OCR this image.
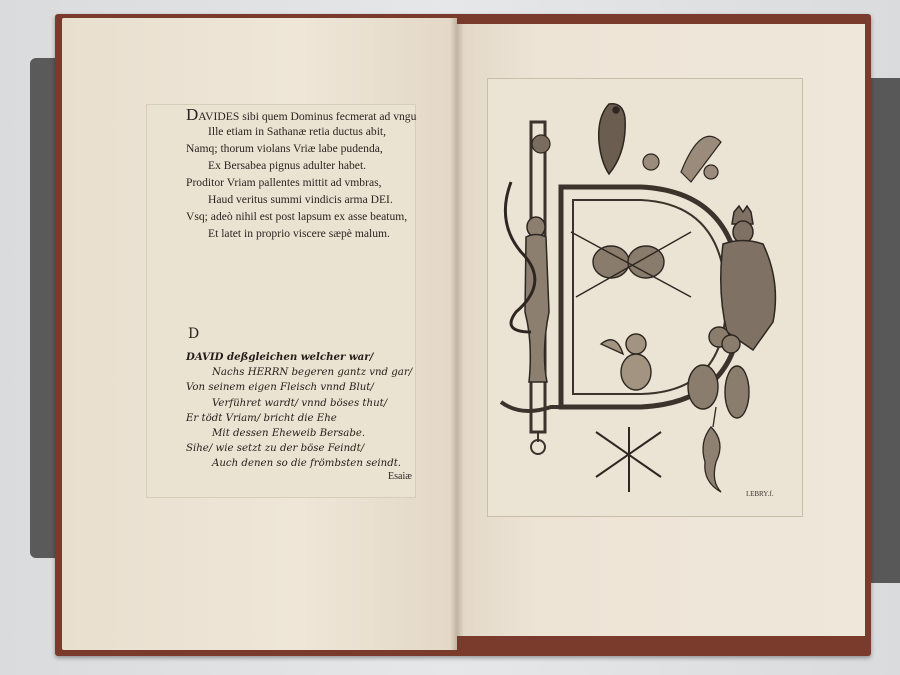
DAVIDES sibi quem Dominus fecmerat ad vngu
Ille etiam in Sathanæ retia ductus abit,
Namq; thorum violans Vriæ labe pudenda,
Ex Bersabea pignus adulter habet.
Proditor Vriam pallentes mittit ad vmbras,
Haud veritus summi vindicis arma DEI.
Vsq; adeò nihil est post lapsum ex asse beatum,
Et latet in proprio viscere sæpè malum.
D
DAVID deßgleichen welcher war/
Nachs HERRN begeren gantz vnd gar/
Von seinem eigen Fleisch vnnd Blut/
Verführet wardt/ vnnd böses thut/
Er tödt Vriam/ bricht die Ehe
Mit dessen Eheweib Bersabe.
Sihe/ wie setzt zu der böse Feindt/
Auch denen so die frömbsten seindt.
Esaiæ
I.EBRY.f.
